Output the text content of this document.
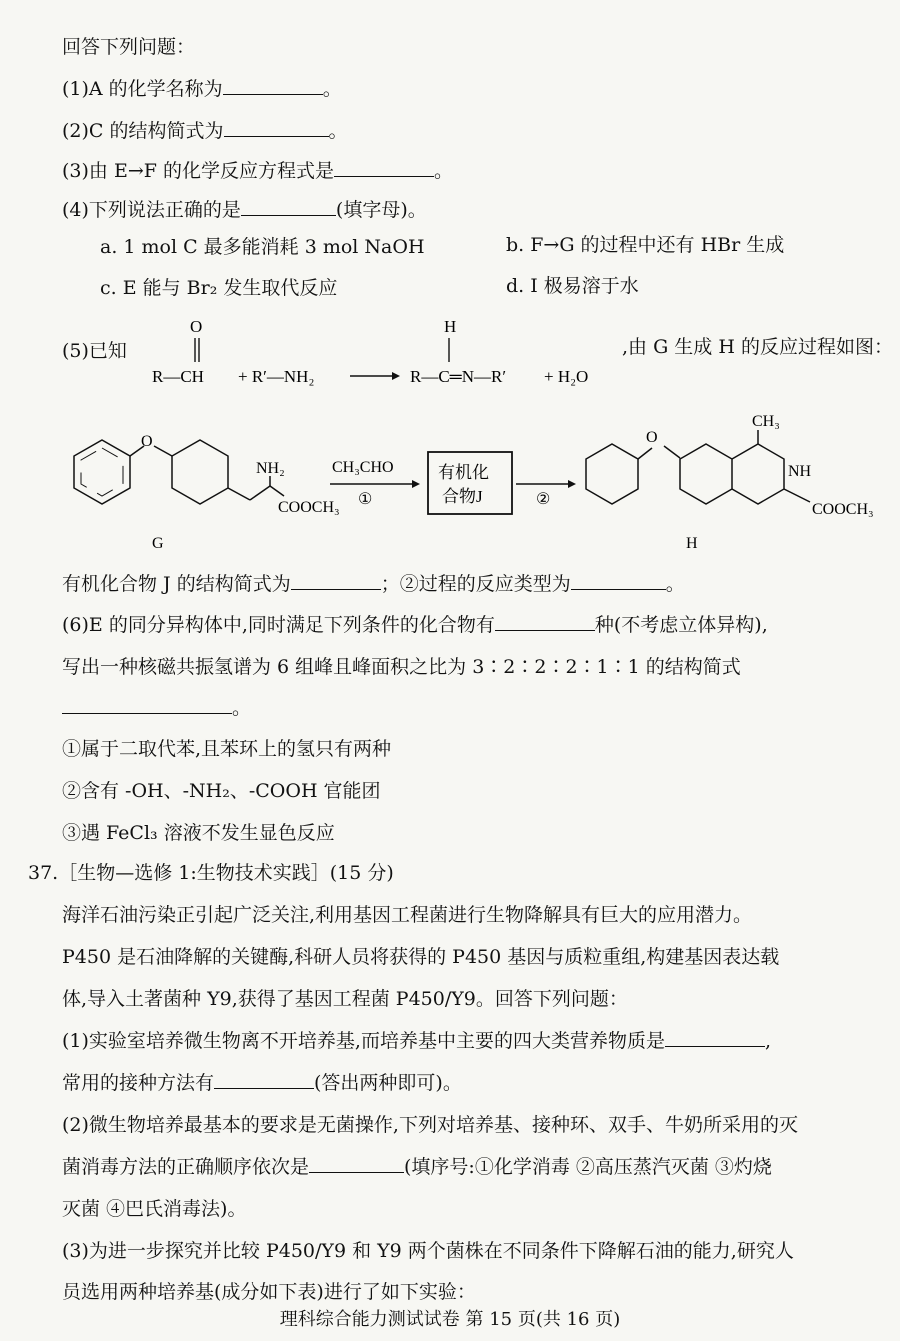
回答下列问题：
(1)A 的化学名称为	。
(2)C 的结构简式为	。
(3)由 E→F 的化学反应方程式是	。
(4)下列说法正确的是	(填字母)。
a. 1 mol C 最多能消耗 3 mol NaOH	b. F→G 的过程中还有 HBr 生成
c. E 能与 Br₂ 发生取代反应	d. I 极易溶于水
(5)已知	,由 G 生成 H 的反应过程如图：
O
R—CH + R′—NH₂
H
R—C═N—R′ + H₂O
O
NH₂
COOCH₃
G
CH₃CHO
①
有机化
合物J	②
O
CH₃
NH
COOCH₃
H
有机化合物 J 的结构简式为	；②过程的反应类型为	。
(6)E 的同分异构体中,同时满足下列条件的化合物有	种(不考虑立体异构),
写出一种核磁共振氢谱为 6 组峰且峰面积之比为 3∶2∶2∶2∶1∶1 的结构简式
。
①属于二取代苯,且苯环上的氢只有两种
②含有 -OH、-NH₂、-COOH 官能团
③遇 FeCl₃ 溶液不发生显色反应
37.［生物—选修 1:生物技术实践］(15 分)
海洋石油污染正引起广泛关注,利用基因工程菌进行生物降解具有巨大的应用潜力。
P450 是石油降解的关键酶,科研人员将获得的 P450 基因与质粒重组,构建基因表达载
体,导入土著菌种 Y9,获得了基因工程菌 P450/Y9。回答下列问题：
(1)实验室培养微生物离不开培养基,而培养基中主要的四大类营养物质是	,
常用的接种方法有	(答出两种即可)。
(2)微生物培养最基本的要求是无菌操作,下列对培养基、接种环、双手、牛奶所采用的灭
菌消毒方法的正确顺序依次是	(填序号:①化学消毒 ②高压蒸汽灭菌 ③灼烧
灭菌 ④巴氏消毒法)。
(3)为进一步探究并比较 P450/Y9 和 Y9 两个菌株在不同条件下降解石油的能力,研究人
员选用两种培养基(成分如下表)进行了如下实验：
理科综合能力测试试卷 第 15 页(共 16 页)
